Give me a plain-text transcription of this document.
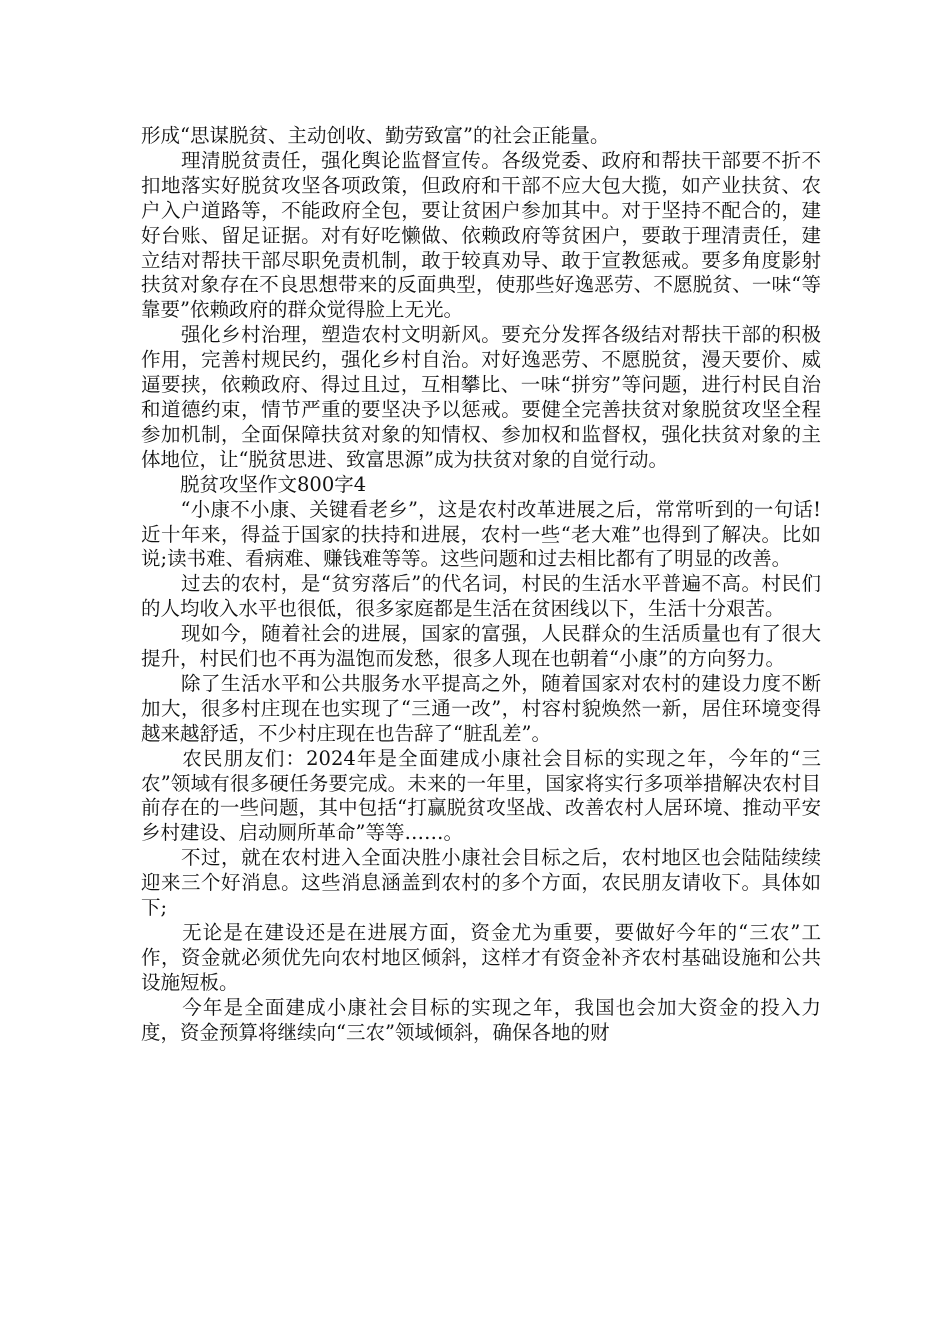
形成“思谋脱贫、主动创收、勤劳致富”的社会正能量。

　　理清脱贫责任，强化舆论监督宣传。各级党委、政府和帮扶干部要不折不扣地落实好脱贫攻坚各项政策，但政府和干部不应大包大揽，如产业扶贫、农户入户道路等，不能政府全包，要让贫困户参加其中。对于坚持不配合的，建好台账、留足证据。对有好吃懒做、依赖政府等贫困户，要敢于理清责任，建立结对帮扶干部尽职免责机制，敢于较真劝导、敢于宣教惩戒。要多角度影射扶贫对象存在不良思想带来的反面典型，使那些好逸恶劳、不愿脱贫、一味“等靠要”依赖政府的群众觉得脸上无光。

　　强化乡村治理，塑造农村文明新风。要充分发挥各级结对帮扶干部的积极作用，完善村规民约，强化乡村自治。对好逸恶劳、不愿脱贫，漫天要价、威逼要挟，依赖政府、得过且过，互相攀比、一味“拼穷”等问题，进行村民自治和道德约束，情节严重的要坚决予以惩戒。要健全完善扶贫对象脱贫攻坚全程参加机制，全面保障扶贫对象的知情权、参加权和监督权，强化扶贫对象的主体地位，让“脱贫思进、致富思源”成为扶贫对象的自觉行动。

　　脱贫攻坚作文800字4

　　“小康不小康、关键看老乡”，这是农村改革进展之后，常常听到的一句话!近十年来，得益于国家的扶持和进展，农村一些“老大难”也得到了解决。比如说;读书难、看病难、赚钱难等等。这些问题和过去相比都有了明显的改善。

　　过去的农村，是“贫穷落后”的代名词，村民的生活水平普遍不高。村民们的人均收入水平也很低，很多家庭都是生活在贫困线以下，生活十分艰苦。

　　现如今，随着社会的进展，国家的富强，人民群众的生活质量也有了很大提升，村民们也不再为温饱而发愁，很多人现在也朝着“小康”的方向努力。

　　除了生活水平和公共服务水平提高之外，随着国家对农村的建设力度不断加大，很多村庄现在也实现了“三通一改”，村容村貌焕然一新，居住环境变得越来越舒适，不少村庄现在也告辞了“脏乱差”。

　　农民朋友们：2024年是全面建成小康社会目标的实现之年，今年的“三农”领域有很多硬任务要完成。未来的一年里，国家将实行多项举措解决农村目前存在的一些问题，其中包括“打赢脱贫攻坚战、改善农村人居环境、推动平安乡村建设、启动厕所革命”等等……。

　　不过，就在农村进入全面决胜小康社会目标之后，农村地区也会陆陆续续迎来三个好消息。这些消息涵盖到农村的多个方面，农民朋友请收下。具体如下;

　　无论是在建设还是在进展方面，资金尤为重要，要做好今年的“三农”工作，资金就必须优先向农村地区倾斜，这样才有资金补齐农村基础设施和公共设施短板。

　　今年是全面建成小康社会目标的实现之年，我国也会加大资金的投入力度，资金预算将继续向“三农”领域倾斜，确保各地的财
